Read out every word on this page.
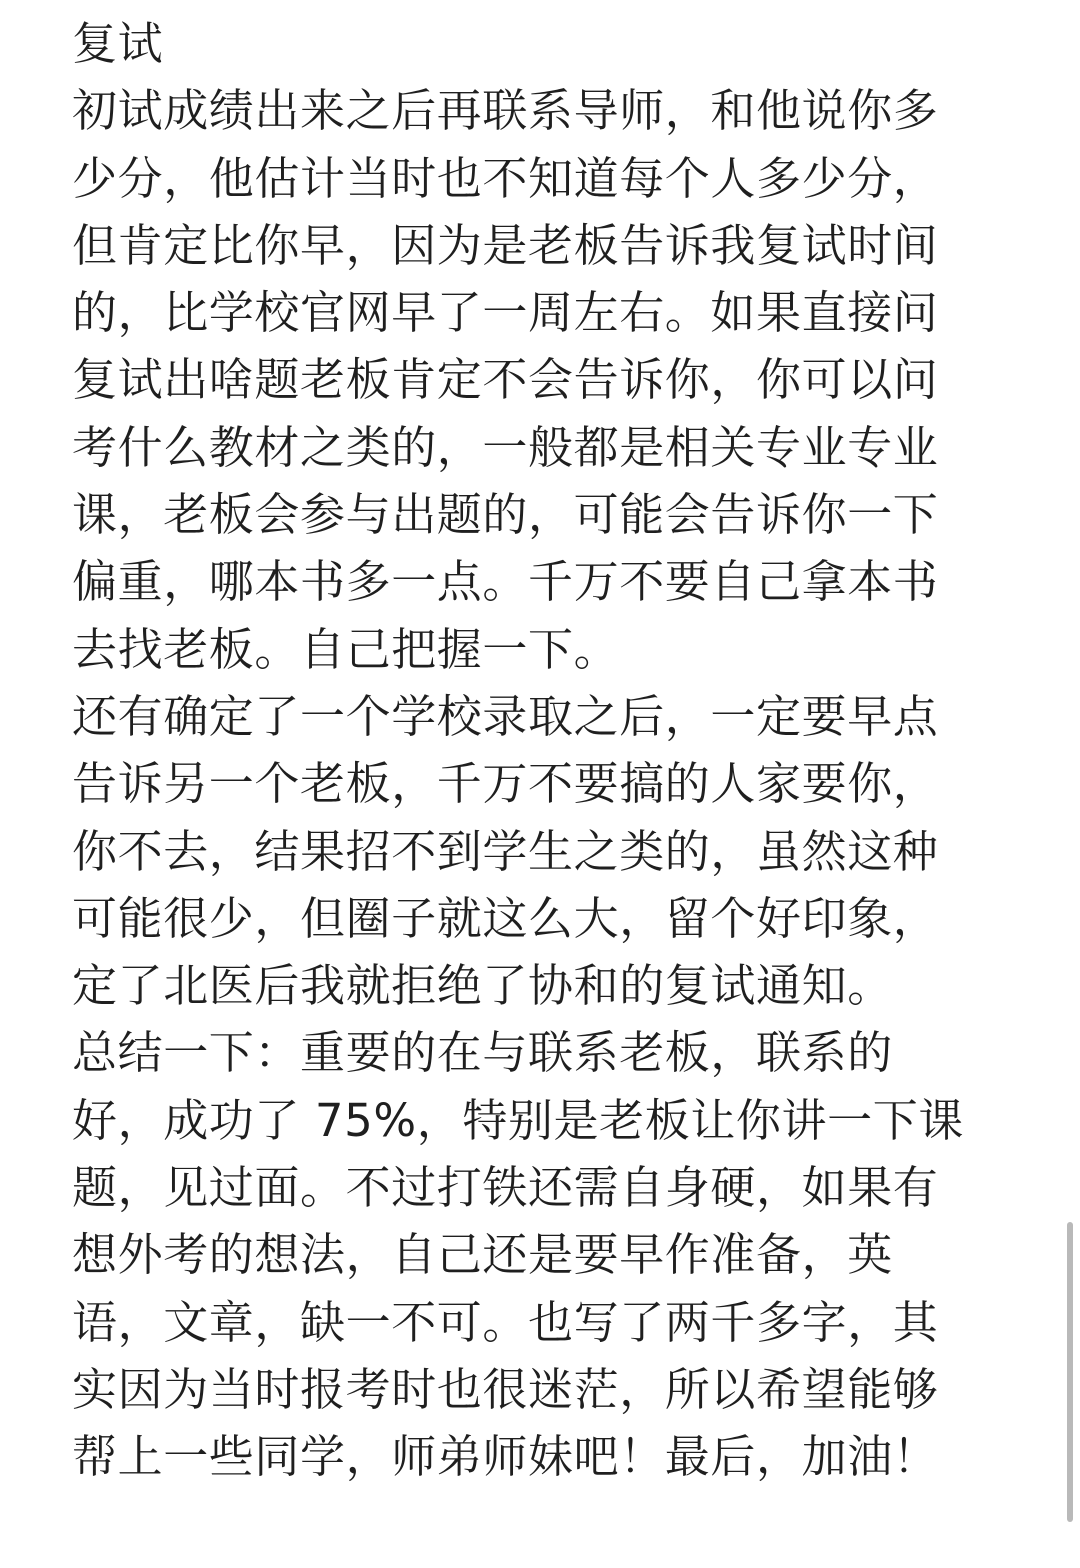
复试
初试成绩出来之后再联系导师，和他说你多
少分，他估计当时也不知道每个人多少分，
但肯定比你早，因为是老板告诉我复试时间
的，比学校官网早了一周左右。如果直接问
复试出啥题老板肯定不会告诉你，你可以问
考什么教材之类的，一般都是相关专业专业
课，老板会参与出题的，可能会告诉你一下
偏重，哪本书多一点。千万不要自己拿本书
去找老板。自己把握一下。
还有确定了一个学校录取之后，一定要早点
告诉另一个老板，千万不要搞的人家要你，
你不去，结果招不到学生之类的，虽然这种
可能很少，但圈子就这么大，留个好印象，
定了北医后我就拒绝了协和的复试通知。
总结一下：重要的在与联系老板，联系的
好，成功了 75%，特别是老板让你讲一下课
题，见过面。不过打铁还需自身硬，如果有
想外考的想法，自己还是要早作准备，英
语，文章，缺一不可。也写了两千多字，其
实因为当时报考时也很迷茫，所以希望能够
帮上一些同学，师弟师妹吧！最后，加油！
